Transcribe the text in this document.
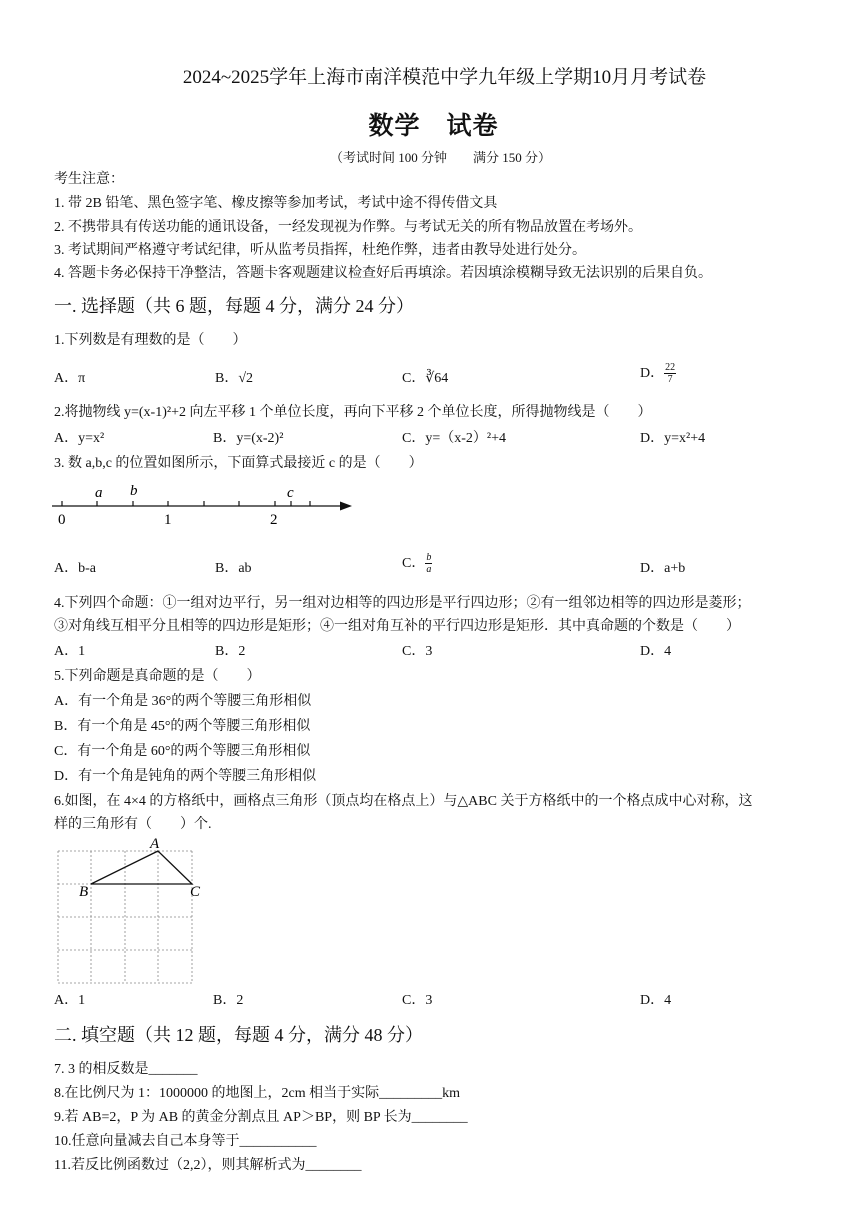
2024~2025学年上海市南洋模范中学九年级上学期10月月考试卷
数学　试卷
（考试时间 100 分钟　　满分 150 分）
考生注意：
1. 带 2B 铅笔、黑色签字笔、橡皮擦等参加考试，考试中途不得传借文具
2. 不携带具有传送功能的通讯设备，一经发现视为作弊。与考试无关的所有物品放置在考场外。
3. 考试期间严格遵守考试纪律，听从监考员指挥，杜绝作弊，违者由教导处进行处分。
4. 答题卡务必保持干净整洁，答题卡客观题建议检查好后再填涂。若因填涂模糊导致无法识别的后果自负。
一. 选择题（共 6 题，每题 4 分，满分 24 分）
1.下列数是有理数的是（　　）
A．π	B．√2	C．∛64	D． $\frac{22}{7}$
2.将抛物线 y=(x-1)²+2 向左平移 1 个单位长度，再向下平移 2 个单位长度，所得抛物线是（　　）
A．y=x²	B．y=(x-2)²	C．y=（x-2）²+4	D．y=x²+4
3. 数 a,b,c 的位置如图所示，下面算式最接近 c 的是（　　）
a b	c
0	1	2
A．b-a	B．ab	C． $\frac{b}{a}$	D．a+b
4.下列四个命题：①一组对边平行，另一组对边相等的四边形是平行四边形；②有一组邻边相等的四边形是菱形；
③对角线互相平分且相等的四边形是矩形；④一组对角互补的平行四边形是矩形．其中真命题的个数是（　　）
A．1	B．2	C．3	D．4
5.下列命题是真命题的是（　　）
A．有一个角是 36°的两个等腰三角形相似
B．有一个角是 45°的两个等腰三角形相似
C．有一个角是 60°的两个等腰三角形相似
D．有一个角是钝角的两个等腰三角形相似
6.如图，在 4×4 的方格纸中，画格点三角形（顶点均在格点上）与△ABC 关于方格纸中的一个格点成中心对称，这
样的三角形有（　　）个.
A
B	C
A．1	B．2	C．3	D．4
二. 填空题（共 12 题，每题 4 分，满分 48 分）
7. 3 的相反数是_______
8.在比例尺为 1：1000000 的地图上，2cm 相当于实际_________km
9.若 AB=2，P 为 AB 的黄金分割点且 AP＞BP，则 BP 长为________
10.任意向量减去自己本身等于___________
11.若反比例函数过（2,2），则其解析式为________
